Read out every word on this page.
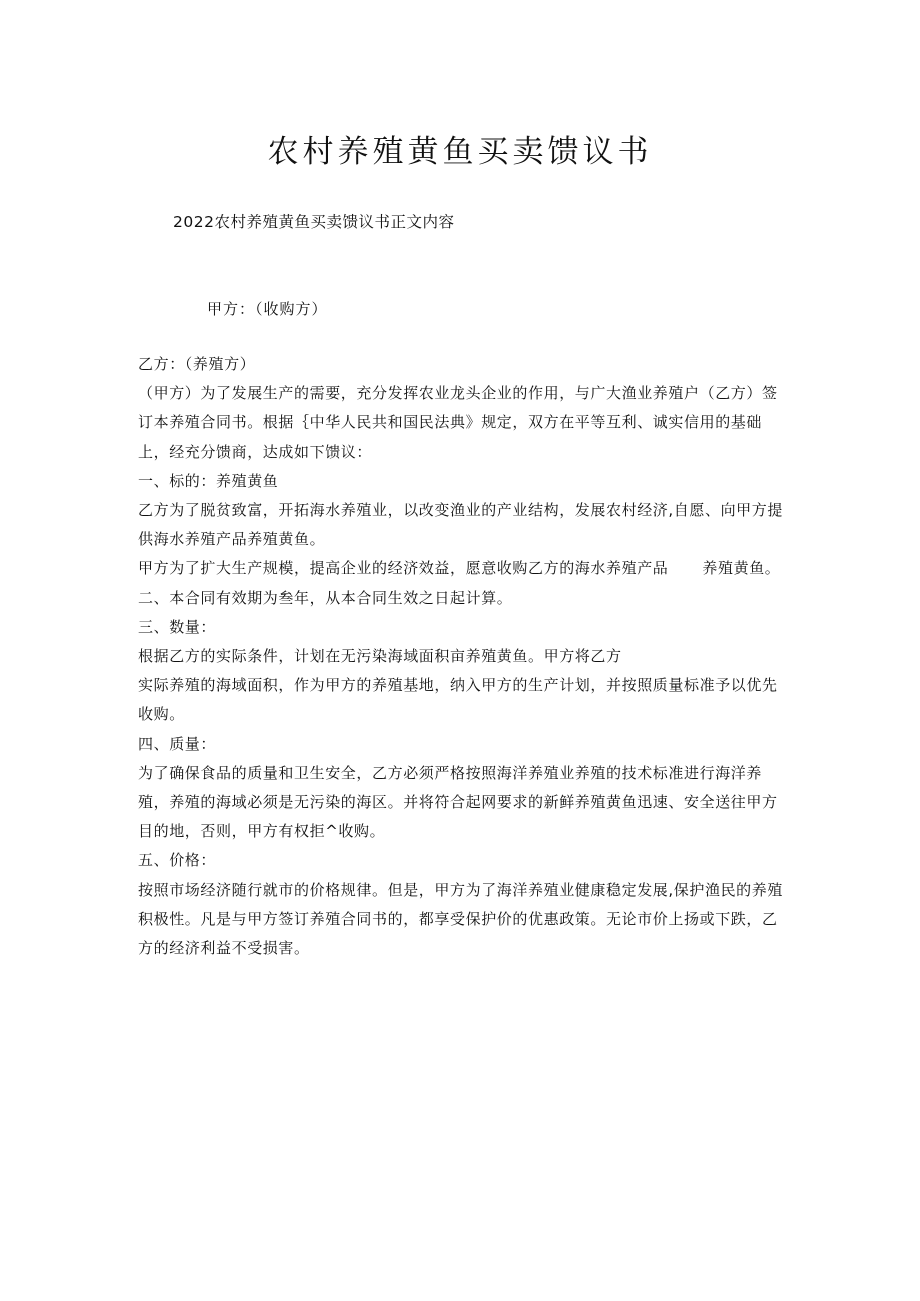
农村养殖黄鱼买卖馈议书
2022农村养殖黄鱼买卖馈议书正文内容
甲方：（收购方）

乙方：（养殖方）

（甲方）为了发展生产的需要，充分发挥农业龙头企业的作用，与广大渔业养殖户（乙方）签订本养殖合同书。根据｛中华人民共和国民法典》规定，双方在平等互利、诚实信用的基础上，经充分馈商，达成如下馈议：

一、标的：养殖黄鱼

乙方为了脱贫致富，开拓海水养殖业，以改变渔业的产业结构，发展农村经济,自愿、向甲方提供海水养殖产品养殖黄鱼。

甲方为了扩大生产规模，提高企业的经济效益，愿意收购乙方的海水养殖产品 养殖黄鱼。

二、本合同有效期为叁年，从本合同生效之日起计算。

三、数量：

根据乙方的实际条件，计划在无污染海域面积亩养殖黄鱼。甲方将乙方

实际养殖的海域面积，作为甲方的养殖基地，纳入甲方的生产计划，并按照质量标准予以优先收购。

四、质量：

为了确保食品的质量和卫生安全，乙方必须严格按照海洋养殖业养殖的技术标准进行海洋养殖，养殖的海域必须是无污染的海区。并将符合起网要求的新鲜养殖黄鱼迅速、安全送往甲方目的地，否则，甲方有权拒^收购。

五、价格：

按照市场经济随行就市的价格规律。但是，甲方为了海洋养殖业健康稳定发展,保护渔民的养殖积极性。凡是与甲方签订养殖合同书的，都享受保护价的优惠政策。无论市价上扬或下跌，乙方的经济利益不受损害。
